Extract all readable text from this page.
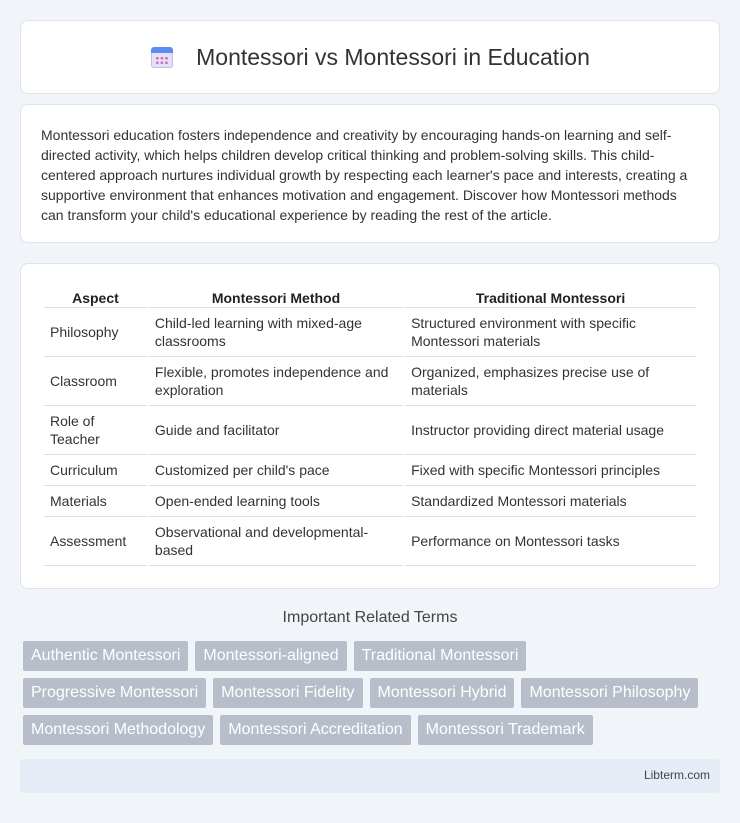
Montessori vs Montessori in Education

Montessori education fosters independence and creativity by encouraging hands-on learning and self-directed activity, which helps children develop critical thinking and problem-solving skills. This child-centered approach nurtures individual growth by respecting each learner's pace and interests, creating a supportive environment that enhances motivation and engagement. Discover how Montessori methods can transform your child's educational experience by reading the rest of the article.

Aspect	Montessori Method	Traditional Montessori
Philosophy	Child-led learning with mixed-age classrooms	Structured environment with specific Montessori materials
Classroom	Flexible, promotes independence and exploration	Organized, emphasizes precise use of materials
Role of Teacher	Guide and facilitator	Instructor providing direct material usage
Curriculum	Customized per child's pace	Fixed with specific Montessori principles
Materials	Open-ended learning tools	Standardized Montessori materials
Assessment	Observational and developmental-based	Performance on Montessori tasks
Important Related Terms
Authentic Montessori	Montessori-aligned	Traditional Montessori
Progressive Montessori	Montessori Fidelity	Montessori Hybrid	Montessori Philosophy
Montessori Methodology	Montessori Accreditation	Montessori Trademark
Libterm.com
